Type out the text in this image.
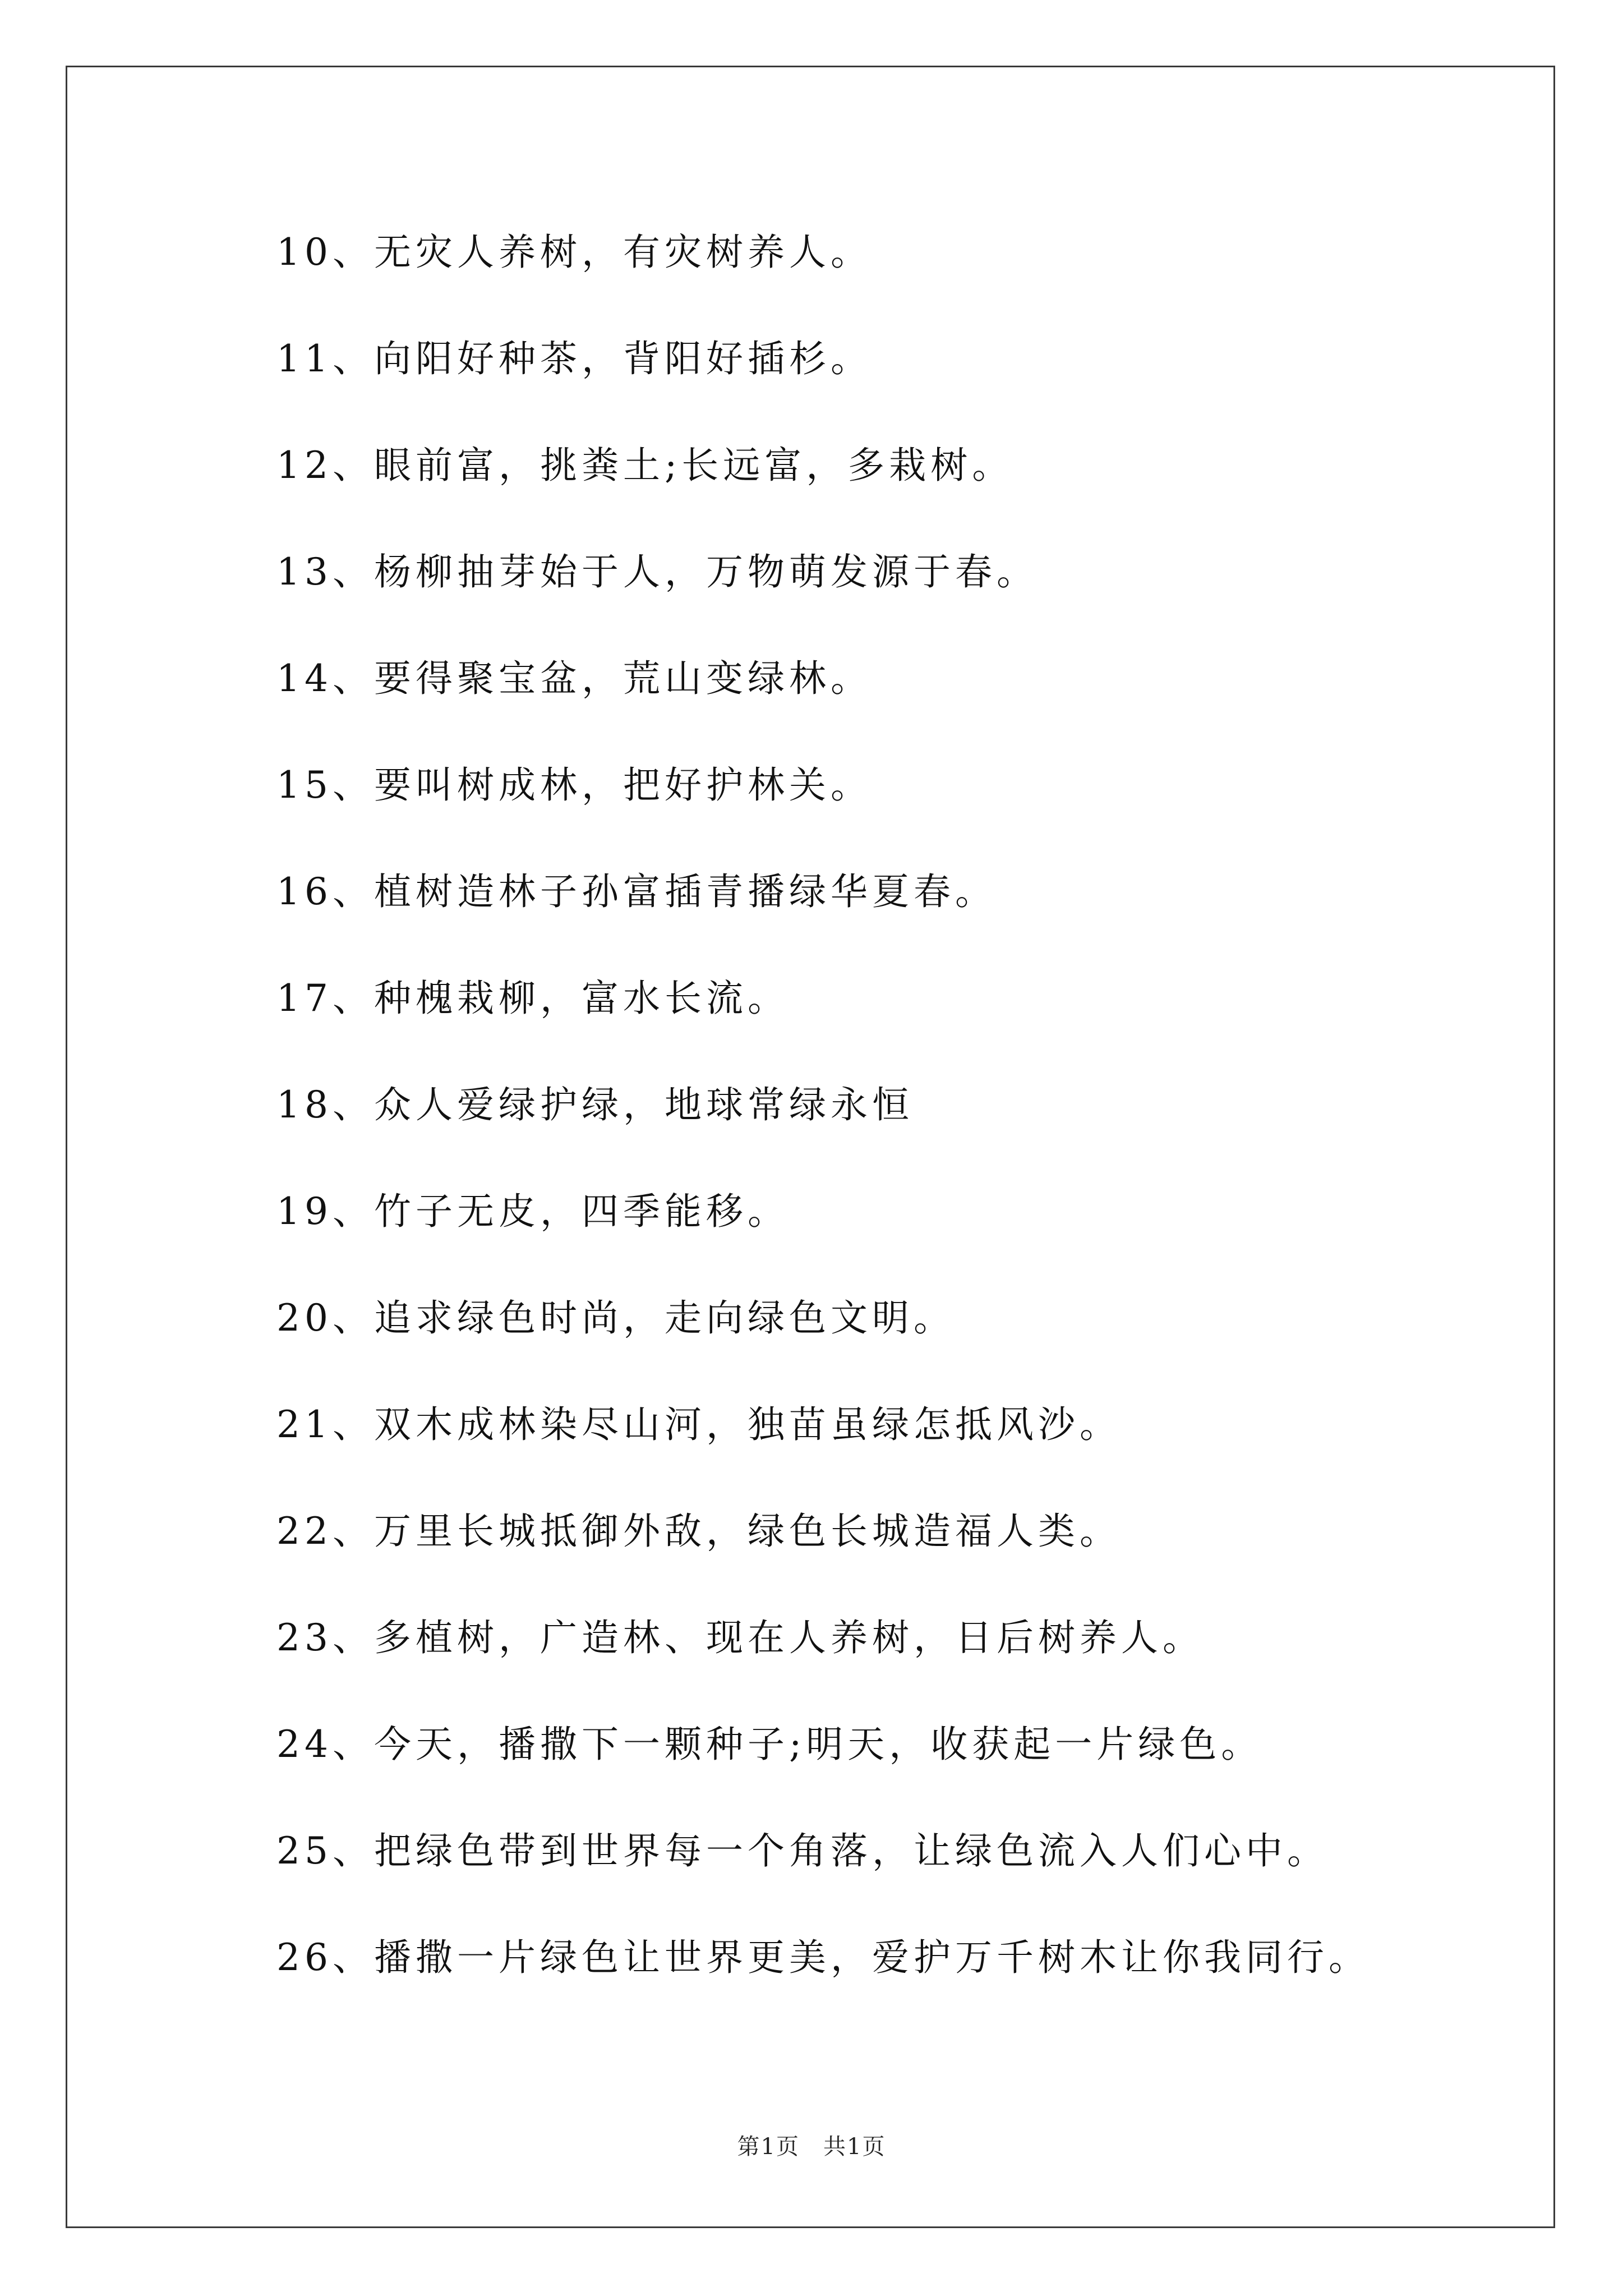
10、无灾人养树，有灾树养人。
11、向阳好种茶，背阳好插杉。
12、眼前富，挑粪土;长远富，多栽树。
13、杨柳抽芽始于人，万物萌发源于春。
14、要得聚宝盆，荒山变绿林。
15、要叫树成林，把好护林关。
16、植树造林子孙富插青播绿华夏春。
17、种槐栽柳，富水长流。
18、众人爱绿护绿，地球常绿永恒
19、竹子无皮，四季能移。
20、追求绿色时尚，走向绿色文明。
21、双木成林染尽山河，独苗虽绿怎抵风沙。
22、万里长城抵御外敌，绿色长城造福人类。
23、多植树，广造林、现在人养树，日后树养人。
24、今天，播撒下一颗种子;明天，收获起一片绿色。
25、把绿色带到世界每一个角落，让绿色流入人们心中。
26、播撒一片绿色让世界更美，爱护万千树木让你我同行。
第1页　共1页
